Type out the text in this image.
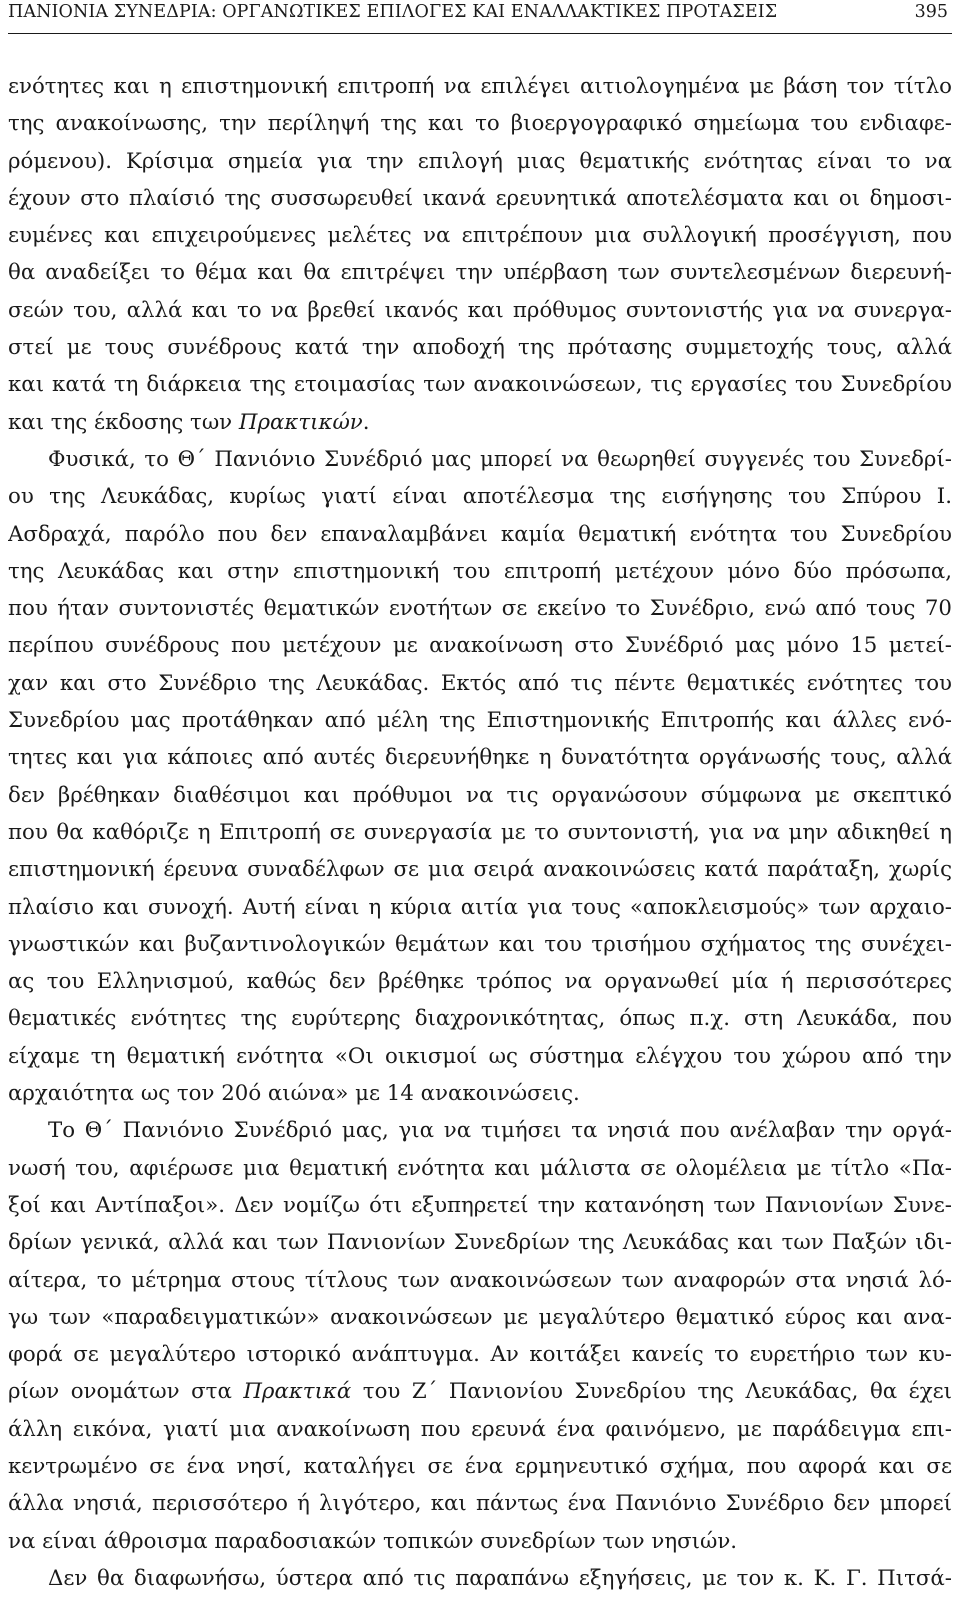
ΠΑΝΙΟΝΙΑ ΣΥΝΕΔΡΙΑ: ΟΡΓΑΝΩΤΙΚΕΣ ΕΠΙΛΟΓΕΣ ΚΑΙ ΕΝΑΛΛΑΚΤΙΚΕΣ ΠΡΟΤΑΣΕΙΣ	395
ενότητες και η επιστημονική επιτροπή να επιλέγει αιτιολογημένα με βάση τον τίτλο
της ανακοίνωσης, την περίληψή της και το βιοεργογραφικό σημείωμα του ενδιαφε-
ρόμενου). Κρίσιμα σημεία για την επιλογή μιας θεματικής ενότητας είναι το να
έχουν στο πλαίσιό της συσσωρευθεί ικανά ερευνητικά αποτελέσματα και οι δημοσι-
ευμένες και επιχειρούμενες μελέτες να επιτρέπουν μια συλλογική προσέγγιση, που
θα αναδείξει το θέμα και θα επιτρέψει την υπέρβαση των συντελεσμένων διερευνή-
σεών του, αλλά και το να βρεθεί ικανός και πρόθυμος συντονιστής για να συνεργα-
στεί με τους συνέδρους κατά την αποδοχή της πρότασης συμμετοχής τους, αλλά
και κατά τη διάρκεια της ετοιμασίας των ανακοινώσεων, τις εργασίες του Συνεδρίου
και της έκδοσης των Πρακτικών.
Φυσικά, το Θ΄ Πανιόνιο Συνέδριό μας μπορεί να θεωρηθεί συγγενές του Συνεδρί-
ου της Λευκάδας, κυρίως γιατί είναι αποτέλεσμα της εισήγησης του Σπύρου Ι.
Ασδραχά, παρόλο που δεν επαναλαμβάνει καμία θεματική ενότητα του Συνεδρίου
της Λευκάδας και στην επιστημονική του επιτροπή μετέχουν μόνο δύο πρόσωπα,
που ήταν συντονιστές θεματικών ενοτήτων σε εκείνο το Συνέδριο, ενώ από τους 70
περίπου συνέδρους που μετέχουν με ανακοίνωση στο Συνέδριό μας μόνο 15 μετεί-
χαν και στο Συνέδριο της Λευκάδας. Εκτός από τις πέντε θεματικές ενότητες του
Συνεδρίου μας προτάθηκαν από μέλη της Επιστημονικής Επιτροπής και άλλες ενό-
τητες και για κάποιες από αυτές διερευνήθηκε η δυνατότητα οργάνωσής τους, αλλά
δεν βρέθηκαν διαθέσιμοι και πρόθυμοι να τις οργανώσουν σύμφωνα με σκεπτικό
που θα καθόριζε η Επιτροπή σε συνεργασία με το συντονιστή, για να μην αδικηθεί η
επιστημονική έρευνα συναδέλφων σε μια σειρά ανακοινώσεις κατά παράταξη, χωρίς
πλαίσιο και συνοχή. Αυτή είναι η κύρια αιτία για τους «αποκλεισμούς» των αρχαιο-
γνωστικών και βυζαντινολογικών θεμάτων και του τρισήμου σχήματος της συνέχει-
ας του Ελληνισμού, καθώς δεν βρέθηκε τρόπος να οργανωθεί μία ή περισσότερες
θεματικές ενότητες της ευρύτερης διαχρονικότητας, όπως π.χ. στη Λευκάδα, που
είχαμε τη θεματική ενότητα «Οι οικισμοί ως σύστημα ελέγχου του χώρου από την
αρχαιότητα ως τον 20ό αιώνα» με 14 ανακοινώσεις.
Το Θ΄ Πανιόνιο Συνέδριό μας, για να τιμήσει τα νησιά που ανέλαβαν την οργά-
νωσή του, αφιέρωσε μια θεματική ενότητα και μάλιστα σε ολομέλεια με τίτλο «Πα-
ξοί και Αντίπαξοι». Δεν νομίζω ότι εξυπηρετεί την κατανόηση των Πανιονίων Συνε-
δρίων γενικά, αλλά και των Πανιονίων Συνεδρίων της Λευκάδας και των Παξών ιδι-
αίτερα, το μέτρημα στους τίτλους των ανακοινώσεων των αναφορών στα νησιά λό-
γω των «παραδειγματικών» ανακοινώσεων με μεγαλύτερο θεματικό εύρος και ανα-
φορά σε μεγαλύτερο ιστορικό ανάπτυγμα. Αν κοιτάξει κανείς το ευρετήριο των κυ-
ρίων ονομάτων στα Πρακτικά του Ζ΄ Πανιονίου Συνεδρίου της Λευκάδας, θα έχει
άλλη εικόνα, γιατί μια ανακοίνωση που ερευνά ένα φαινόμενο, με παράδειγμα επι-
κεντρωμένο σε ένα νησί, καταλήγει σε ένα ερμηνευτικό σχήμα, που αφορά και σε
άλλα νησιά, περισσότερο ή λιγότερο, και πάντως ένα Πανιόνιο Συνέδριο δεν μπορεί
να είναι άθροισμα παραδοσιακών τοπικών συνεδρίων των νησιών.
Δεν θα διαφωνήσω, ύστερα από τις παραπάνω εξηγήσεις, με τον κ. Κ. Γ. Πιτσά-
